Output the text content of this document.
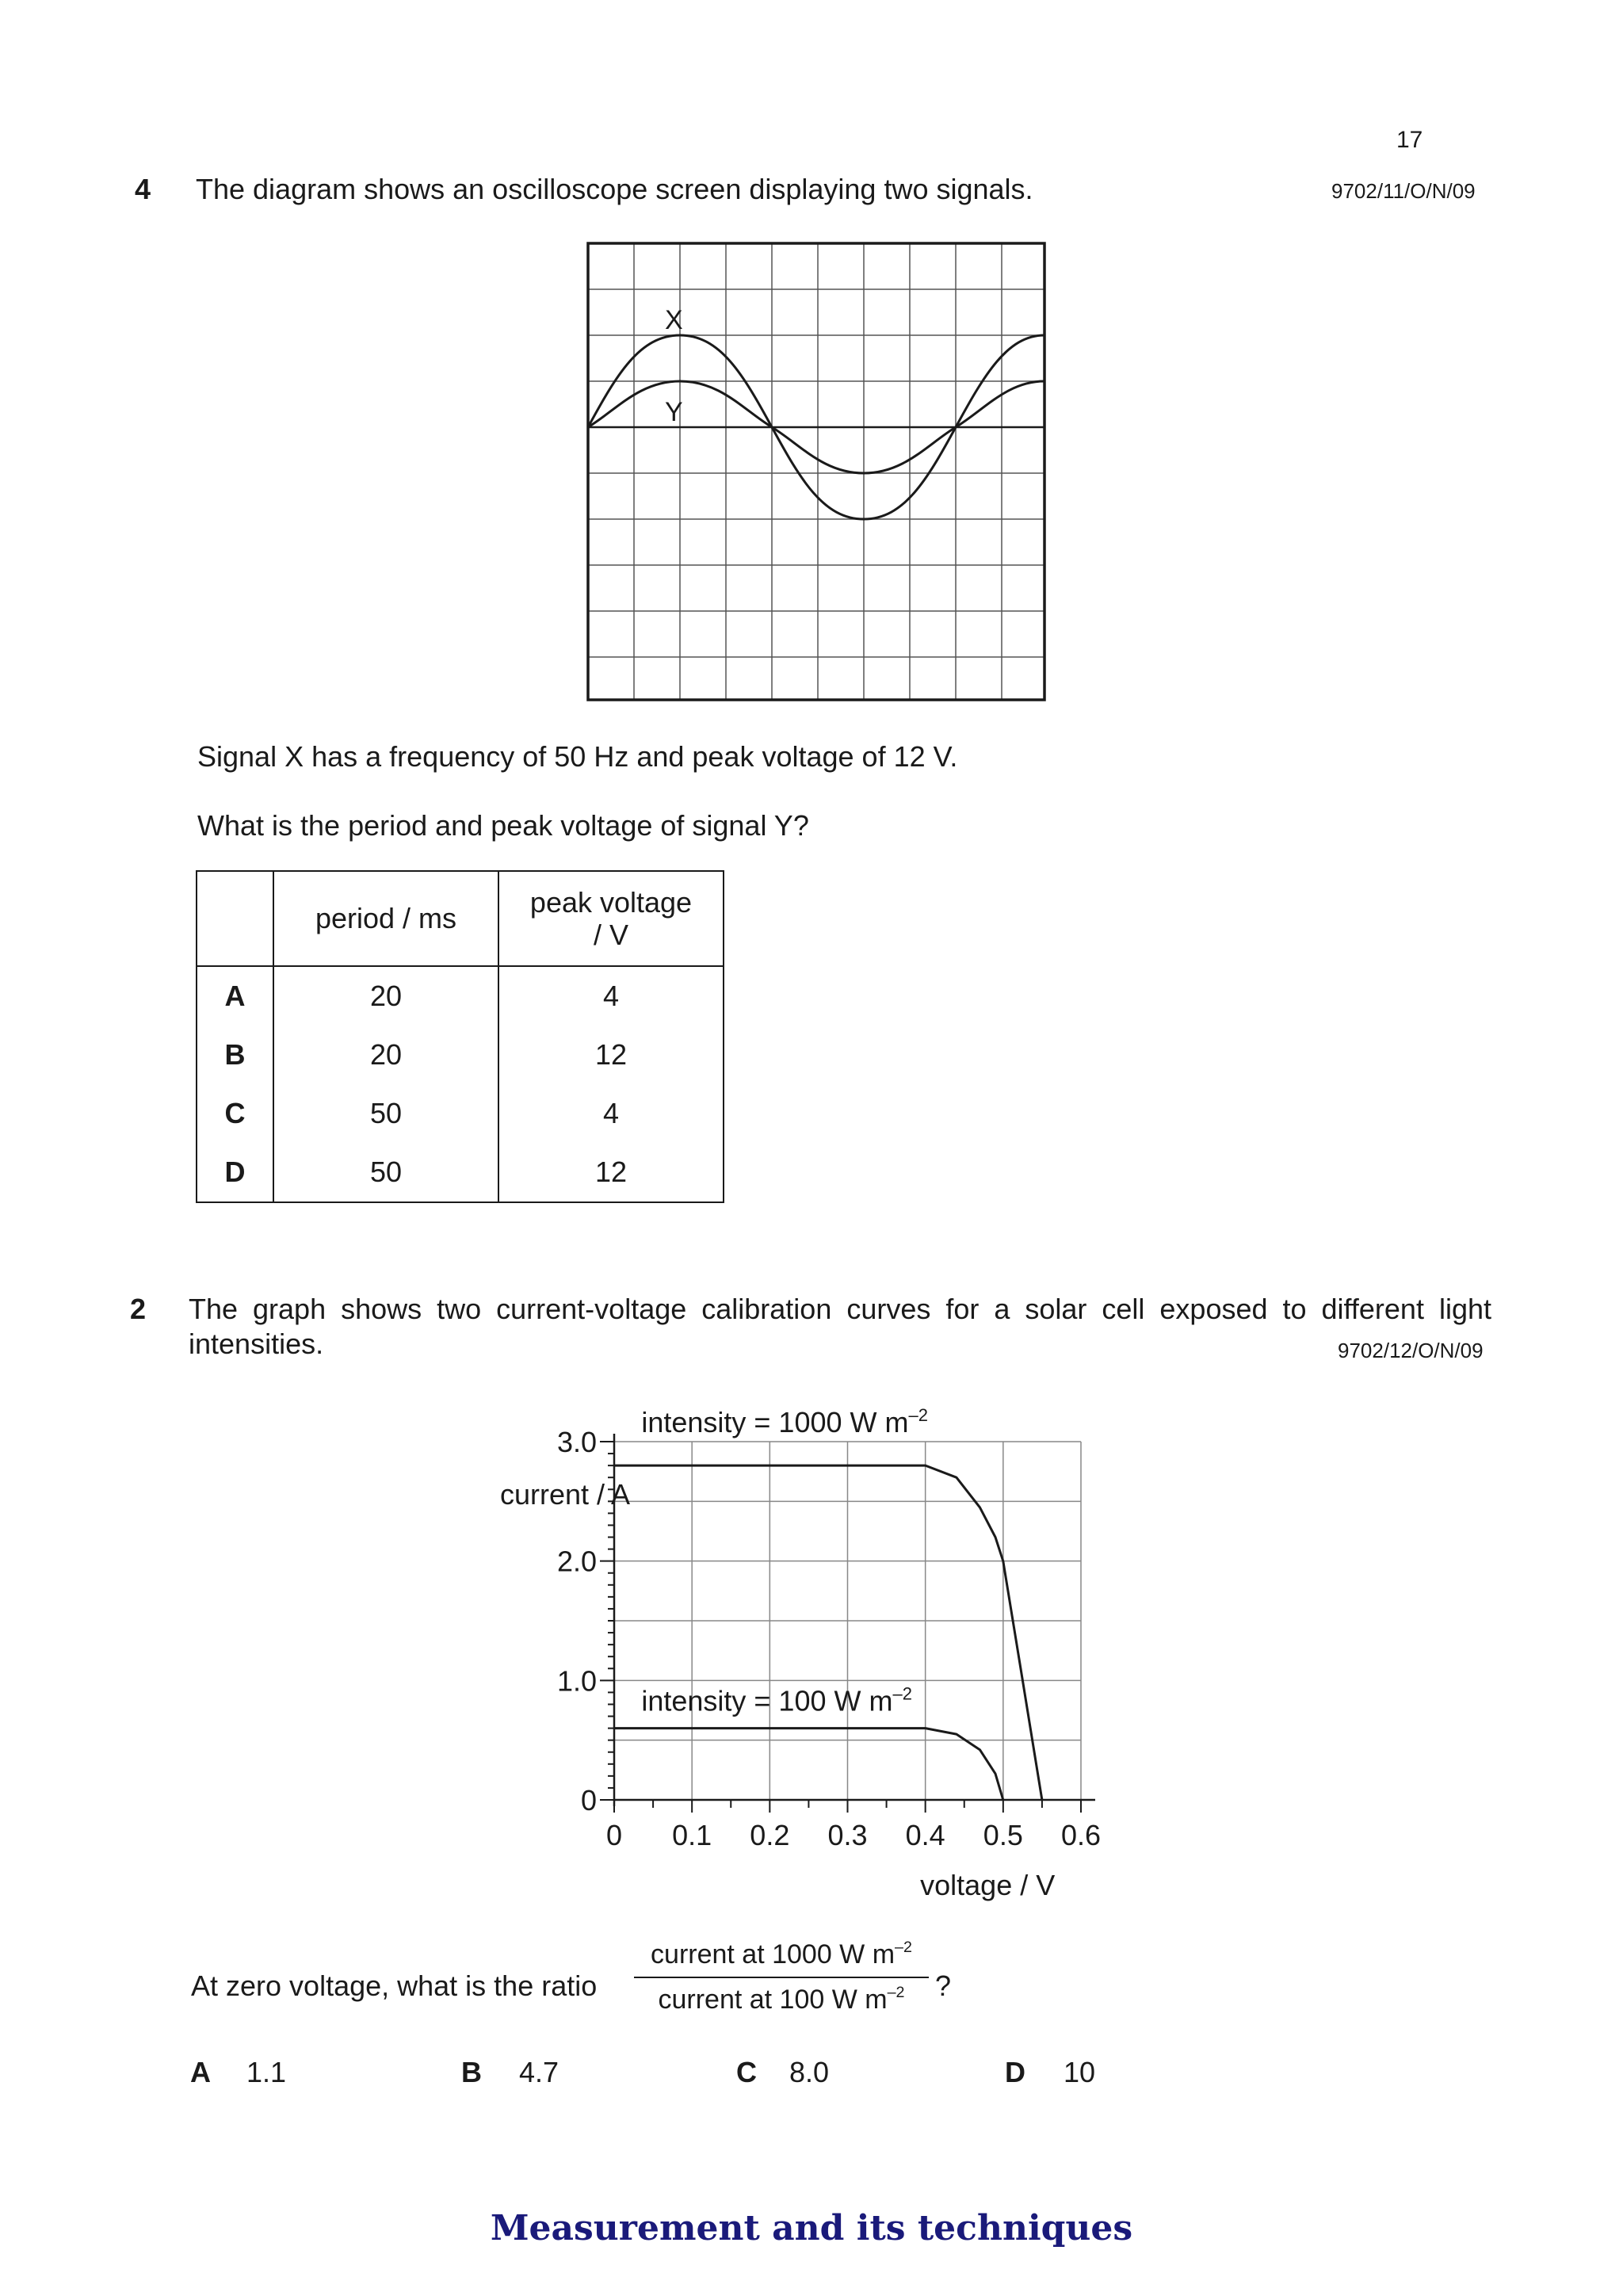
17
4 The diagram shows an oscilloscope screen displaying two signals.	9702/11/O/N/09
X
Y
Signal X has a frequency of 50 Hz and peak voltage of 12 V.
What is the period and peak voltage of signal Y?
	period / ms	peak voltage
/ V

A	20	4
B	20	12
C	50	4
D	50	12
2 The graph shows two current-voltage calibration curves for a solar cell exposed to different light
intensities.	9702/12/O/N/09
0 0.1 0.2 0.3 0.4 0.5 0.6
0
1.0
2.0
3.0
voltage / V
current / A
intensity = 1000 W $m^{-2}$
intensity = 100 W $m^{-2}$
At zero voltage, what is the ratio
current at 1000 W $m^{-2}$
current at 100 W $m^{-2}$	?
A 1.1	B 4.7	C 8.0	D 10
Measurement and its techniques
